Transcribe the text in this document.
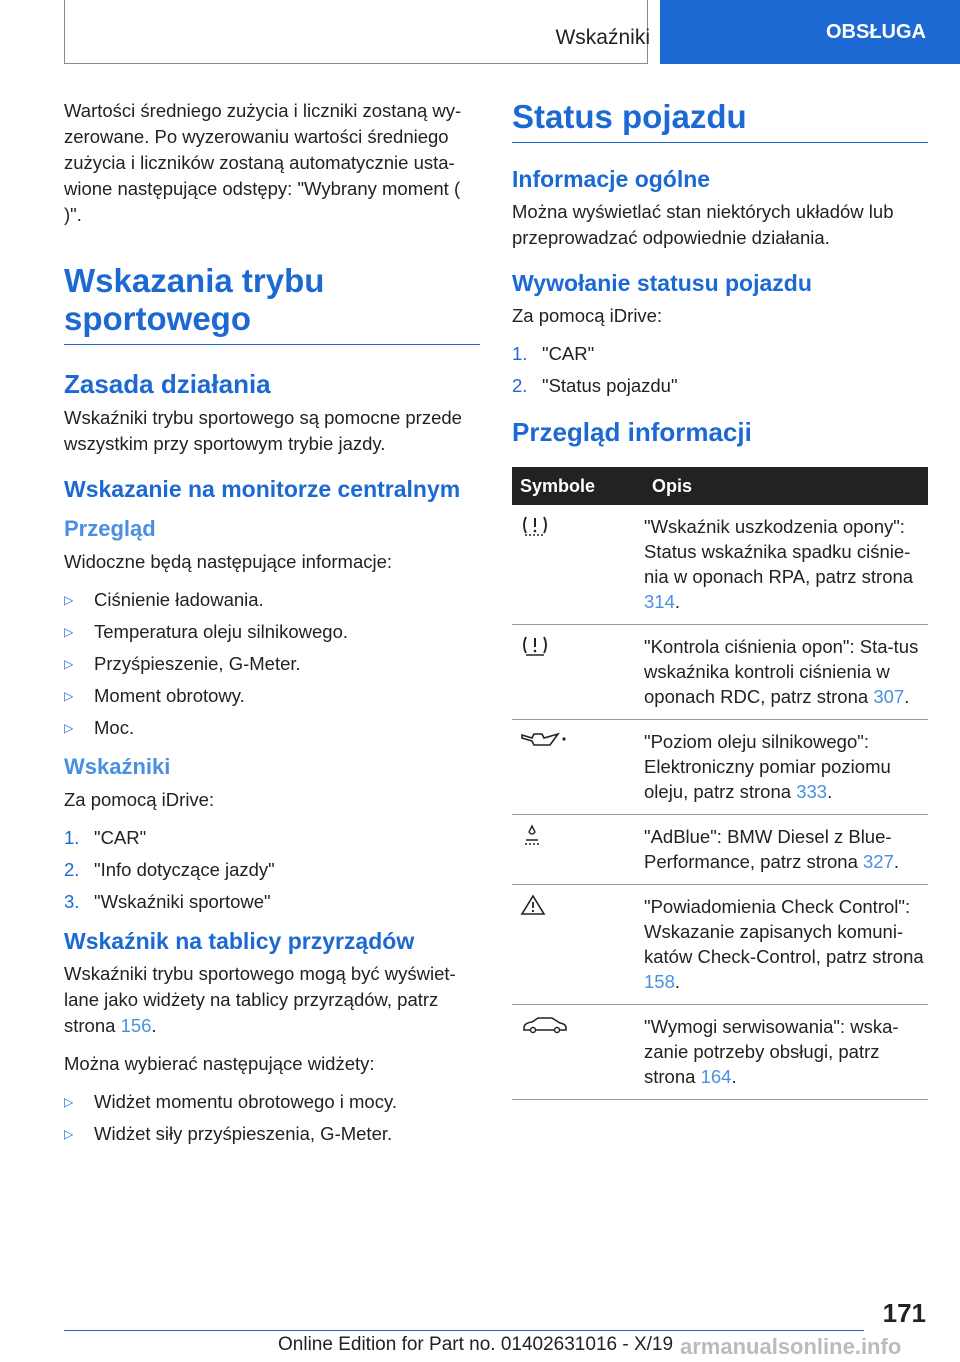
Wskaźniki	OBSŁUGA

Wartości średniego zużycia i liczniki zostaną wy-zerowane. Po wyzerowaniu wartości średniego zużycia i liczników zostaną automatycznie usta-wione następujące odstępy: "Wybrany moment ( )".

Wskazania trybu sportowego
Zasada działania

Wskaźniki trybu sportowego są pomocne przede wszystkim przy sportowym trybie jazdy.

Wskazanie na monitorze centralnym
Przegląd

Widoczne będą następujące informacje:

▷ Ciśnienie ładowania.
▷ Temperatura oleju silnikowego.
▷ Przyśpieszenie, G-Meter.
▷ Moment obrotowy.
▷ Moc.
Wskaźniki

Za pomocą iDrive:

1. "CAR"
2. "Info dotyczące jazdy"
3. "Wskaźniki sportowe"
Wskaźnik na tablicy przyrządów

Wskaźniki trybu sportowego mogą być wyświet-lane jako widżety na tablicy przyrządów, patrz strona 156.

Można wybierać następujące widżety:

▷ Widżet momentu obrotowego i mocy.
▷ Widżet siły przyśpieszenia, G-Meter.
Status pojazdu
Informacje ogólne

Można wyświetlać stan niektórych układów lub przeprowadzać odpowiednie działania.

Wywołanie statusu pojazdu

Za pomocą iDrive:

1. "CAR"
2. "Status pojazdu"
Przegląd informacji
Symbole	Opis
	"Wskaźnik uszkodzenia opony": Status wskaźnika spadku ciśnie-nia w oponach RPA, patrz strona 314.
	"Kontrola ciśnienia opon": Sta-tus wskaźnika kontroli ciśnienia w oponach RDC, patrz strona 307.
	"Poziom oleju silnikowego": Elektroniczny pomiar poziomu oleju, patrz strona 333.
	"AdBlue": BMW Diesel z Blue-Performance, patrz strona 327.
	"Powiadomienia Check Control": Wskazanie zapisanych komuni-katów Check-Control, patrz strona 158.
	"Wymogi serwisowania": wska-zanie potrzeby obsługi, patrz strona 164.
171
Online Edition for Part no. 01402631016 - X/19 armanualsonline.info
